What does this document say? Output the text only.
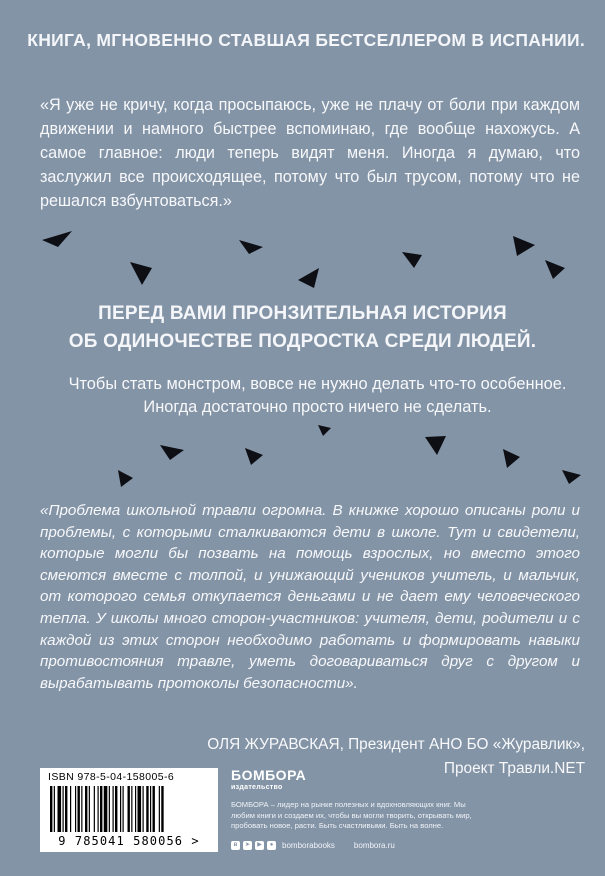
КНИГА, МГНОВЕННО СТАВШАЯ БЕСТСЕЛЛЕРОМ В ИСПАНИИ.
«Я уже не кричу, когда просыпаюсь, уже не плачу от боли при каждом движении и намного быстрее вспоминаю, где вообще нахожусь. А самое главное: люди теперь видят меня. Иногда я думаю, что заслужил все происходящее, потому что был трусом, потому что не решался взбунтоваться.»
ПЕРЕД ВАМИ ПРОНЗИТЕЛЬНАЯ ИСТОРИЯ
ОБ ОДИНОЧЕСТВЕ ПОДРОСТКА СРЕДИ ЛЮДЕЙ.
Чтобы стать монстром, вовсе не нужно делать что-то особенное. Иногда достаточно просто ничего не сделать.
«Проблема школьной травли огромна. В книжке хорошо описаны роли и проблемы, с которыми сталкиваются дети в школе. Тут и свидетели, которые могли бы позвать на помощь взрослых, но вместо этого смеются вместе с толпой, и унижающий учеников учитель, и мальчик, от которого семья откупается деньгами и не дает ему человеческого тепла. У школы много сторон-участников: учителя, дети, родители и с каждой из этих сторон необходимо работать и формировать навыки противостояния травле, уметь договариваться друг с другом и вырабатывать протоколы безопасности».
ОЛЯ ЖУРАВСКАЯ, Президент АНО БО «Журавлик»,
Проект Травли.NET
ISBN 978-5-04-158005-6
9 785041 580056 >
БОМБОРА
издательство
БОМБОРА – лидер на рынке полезных и вдохновляющих книг. Мы любим книги и создаем их, чтобы вы могли творить, открывать мир, пробовать новое, расти. Быть счастливыми. Быть на волне.
в	➤	▶	●	bomborabooks bombora.ru
